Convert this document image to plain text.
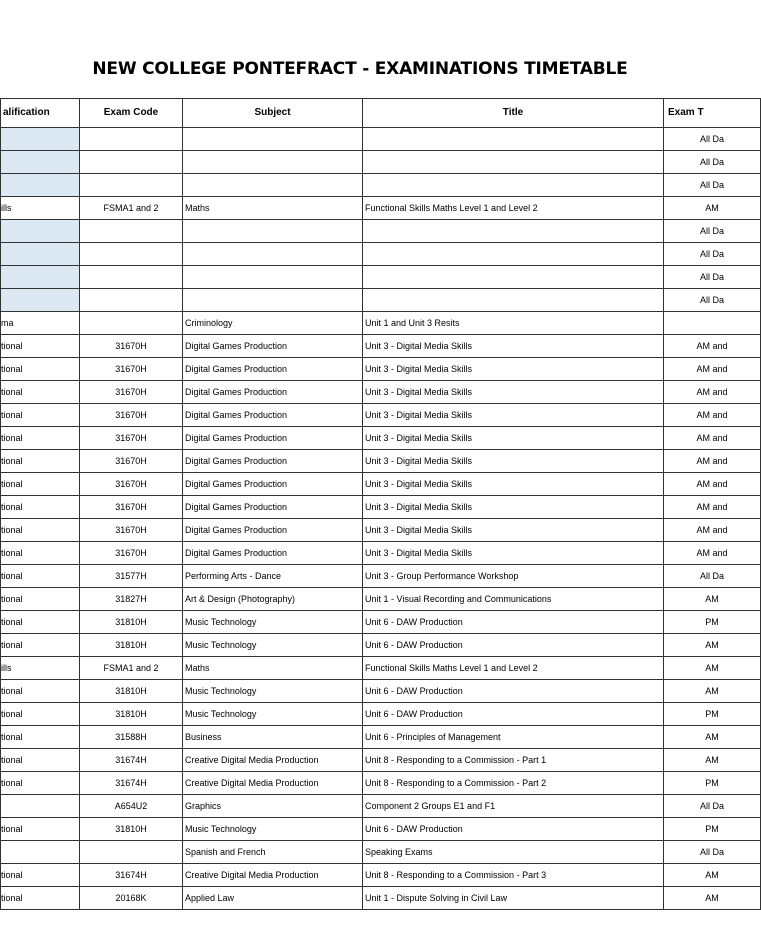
NEW COLLEGE PONTEFRACT - EXAMINATIONS TIMETABLE
alification	Exam Code	Subject	Title	Exam T
				All Da
				All Da
				All Da
ills	FSMA1 and 2	Maths	Functional Skills Maths Level 1 and Level 2	AM
				All Da
				All Da
				All Da
				All Da
ma		Criminology	Unit 1 and Unit 3 Resits	
tional	31670H	Digital Games Production	Unit 3 - Digital Media Skills	AM and
tional	31670H	Digital Games Production	Unit 3 - Digital Media Skills	AM and
tional	31670H	Digital Games Production	Unit 3 - Digital Media Skills	AM and
tional	31670H	Digital Games Production	Unit 3 - Digital Media Skills	AM and
tional	31670H	Digital Games Production	Unit 3 - Digital Media Skills	AM and
tional	31670H	Digital Games Production	Unit 3 - Digital Media Skills	AM and
tional	31670H	Digital Games Production	Unit 3 - Digital Media Skills	AM and
tional	31670H	Digital Games Production	Unit 3 - Digital Media Skills	AM and
tional	31670H	Digital Games Production	Unit 3 - Digital Media Skills	AM and
tional	31670H	Digital Games Production	Unit 3 - Digital Media Skills	AM and
tional	31577H	Performing Arts - Dance	Unit 3 - Group Performance Workshop	All Da
tional	31827H	Art & Design (Photography)	Unit 1 - Visual Recording and Communications	AM
tional	31810H	Music Technology	Unit 6 - DAW Production	PM
tional	31810H	Music Technology	Unit 6 - DAW Production	AM
ills	FSMA1 and 2	Maths	Functional Skills Maths Level 1 and Level 2	AM
tional	31810H	Music Technology	Unit 6 - DAW Production	AM
tional	31810H	Music Technology	Unit 6 - DAW Production	PM
tional	31588H	Business	Unit 6 - Principles of Management	AM
tional	31674H	Creative Digital Media Production	Unit 8 - Responding to a Commission - Part 1	AM
tional	31674H	Creative Digital Media Production	Unit 8 - Responding to a Commission - Part 2	PM
	A654U2	Graphics	Component 2 Groups E1 and F1	All Da
tional	31810H	Music Technology	Unit 6 - DAW Production	PM
		Spanish and French	Speaking Exams	All Da
tional	31674H	Creative Digital Media Production	Unit 8 - Responding to a Commission - Part 3	AM
tional	20168K	Applied Law	Unit 1 - Dispute Solving in Civil Law	AM
